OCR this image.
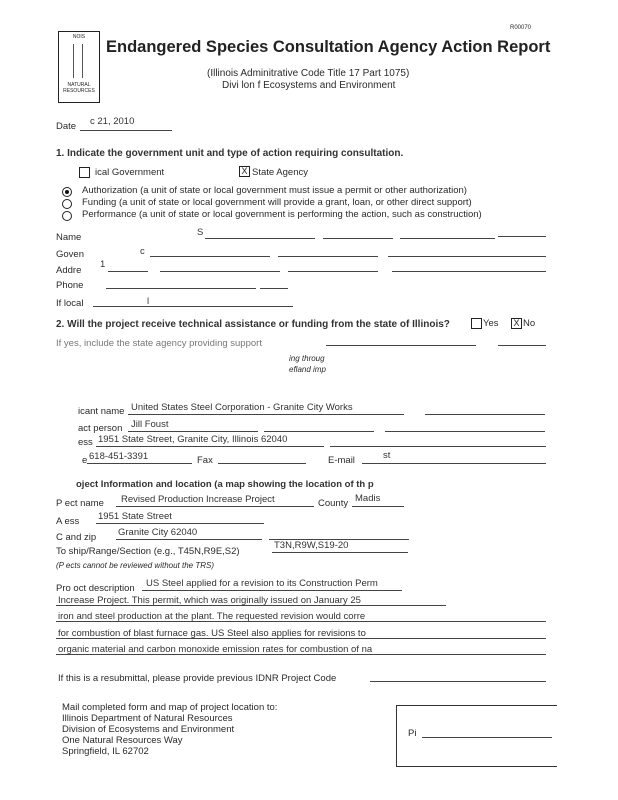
R00070
NOIS
NATURAL RESOURCES
Endangered Species Consultation Agency Action Report
(Illinois Adminitrative Code Title 17 Part 1075)
Divi lon f Ecosystems and Environment
Date c 21, 2010
1. Indicate the government unit and type of action requiring consultation.
ical Government	X State Agency
Authorization (a unit of state or local government must issue a permit or other authorization)
Funding (a unit of state or local government will provide a grant, loan, or other direct support)
Performance (a unit of state or local government is performing the action, such as construction)
Name	S
Goven	c
Addre
1
Phone
If local	l
2. Will the project receive technical assistance or funding from the state of Illinois?	Yes X No
If yes, include the state agency providing support
ing throug
efland imp
icant name United States Steel Corporation - Granite City Works
act person Jill Foust
ess 1951 State Street, Granite City, Illinois 62040
e 618-451-3391	Fax	E-mail	st
oject Information and location (a map showing the location of th p
P ect name Revised Production Increase Project	County Madis
A ess 1951 State Street
C and zip Granite City 62040
To ship/Range/Section (e.g., T45N,R9E,S2)
T3N,R9W,S19-20
(P ects cannot be reviewed without the TRS)
Pro oct description US Steel applied for a revision to its Construction Perm
Increase Project. This permit, which was originally issued on January 25
iron and steel production at the plant. The requested revision would corre
for combustion of blast furnace gas. US Steel also applies for revisions to
organic material and carbon monoxide emission rates for combustion of na
If this is a resubmittal, please provide previous IDNR Project Code
Mail completed form and map of project location to:
Illinois Department of Natural Resources
Division of Ecosystems and Environment
One Natural Resources Way
Springfield, IL 62702
Pi
